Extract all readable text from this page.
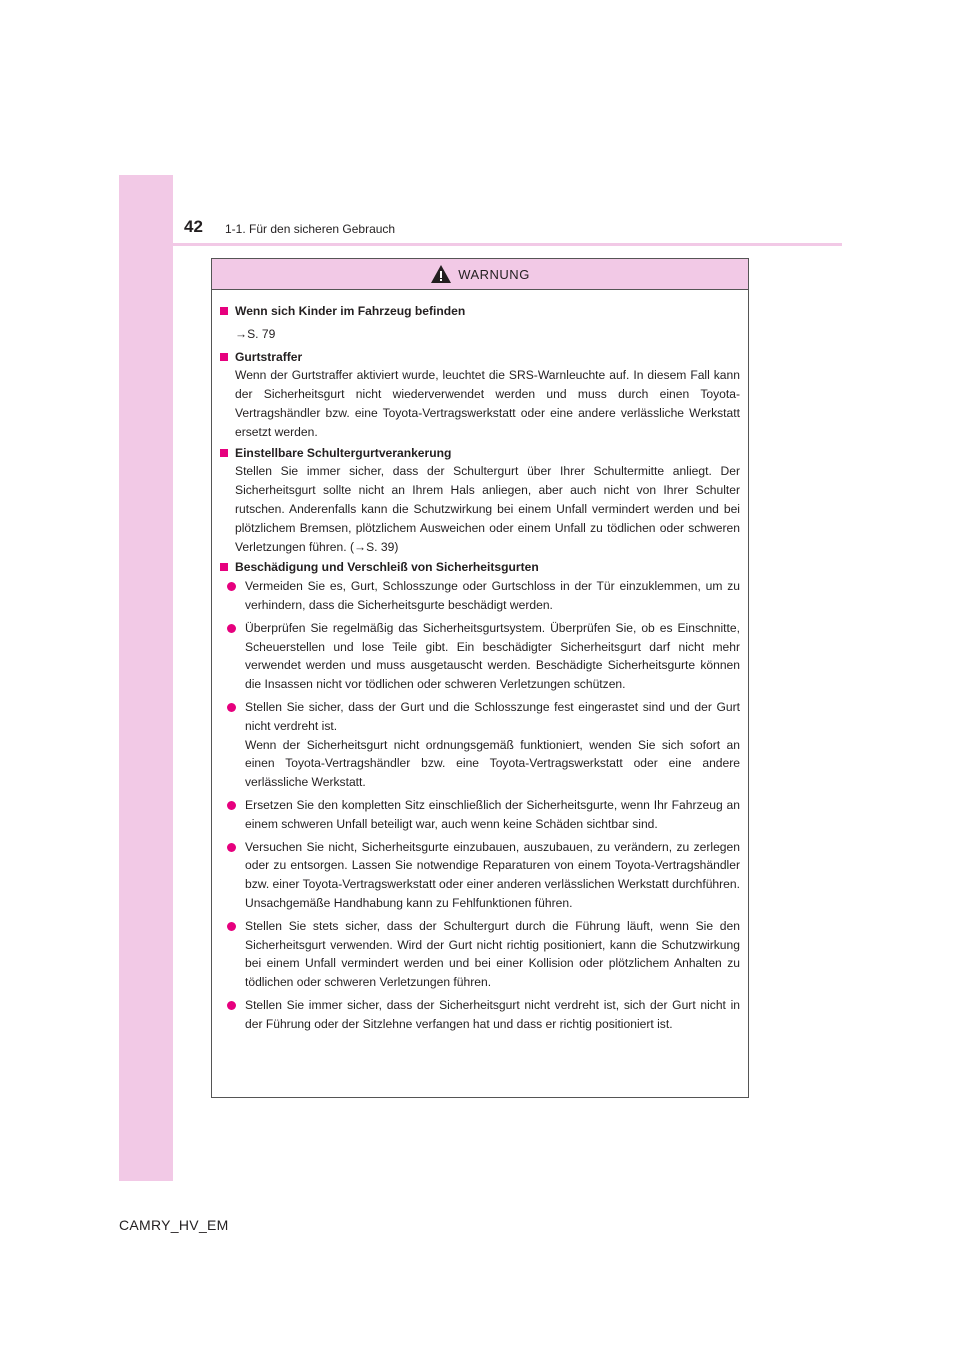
42 1-1. Für den sicheren Gebrauch
WARNUNG
Wenn sich Kinder im Fahrzeug befinden

→S. 79

Gurtstraffer

Wenn der Gurtstraffer aktiviert wurde, leuchtet die SRS-Warnleuchte auf. In diesem Fall kann der Sicherheitsgurt nicht wiederverwendet werden und muss durch einen Toyota-Vertragshändler bzw. eine Toyota-Vertragswerkstatt oder eine andere verlässliche Werkstatt ersetzt werden.

Einstellbare Schultergurtverankerung

Stellen Sie immer sicher, dass der Schultergurt über Ihrer Schultermitte anliegt. Der Sicherheitsgurt sollte nicht an Ihrem Hals anliegen, aber auch nicht von Ihrer Schulter rutschen. Anderenfalls kann die Schutzwirkung bei einem Unfall vermindert werden und bei plötzlichem Bremsen, plötzlichem Ausweichen oder einem Unfall zu tödlichen oder schweren Verletzungen führen. (→S. 39)

Beschädigung und Verschleiß von Sicherheitsgurten
Vermeiden Sie es, Gurt, Schlosszunge oder Gurtschloss in der Tür einzuklemmen, um zu verhindern, dass die Sicherheitsgurte beschädigt werden.
Überprüfen Sie regelmäßig das Sicherheitsgurtsystem. Überprüfen Sie, ob es Einschnitte, Scheuerstellen und lose Teile gibt. Ein beschädigter Sicherheitsgurt darf nicht mehr verwendet werden und muss ausgetauscht werden. Beschädigte Sicherheitsgurte können die Insassen nicht vor tödlichen oder schweren Verletzungen schützen.
Stellen Sie sicher, dass der Gurt und die Schlosszunge fest eingerastet sind und der Gurt nicht verdreht ist.
Wenn der Sicherheitsgurt nicht ordnungsgemäß funktioniert, wenden Sie sich sofort an einen Toyota-Vertragshändler bzw. eine Toyota-Vertragswerkstatt oder eine andere verlässliche Werkstatt.
Ersetzen Sie den kompletten Sitz einschließlich der Sicherheitsgurte, wenn Ihr Fahrzeug an einem schweren Unfall beteiligt war, auch wenn keine Schäden sichtbar sind.
Versuchen Sie nicht, Sicherheitsgurte einzubauen, auszubauen, zu verändern, zu zerlegen oder zu entsorgen. Lassen Sie notwendige Reparaturen von einem Toyota-Vertragshändler bzw. einer Toyota-Vertragswerkstatt oder einer anderen verlässlichen Werkstatt durchführen. Unsachgemäße Handhabung kann zu Fehlfunktionen führen.
Stellen Sie stets sicher, dass der Schultergurt durch die Führung läuft, wenn Sie den Sicherheitsgurt verwenden. Wird der Gurt nicht richtig positioniert, kann die Schutzwirkung bei einem Unfall vermindert werden und bei einer Kollision oder plötzlichem Anhalten zu tödlichen oder schweren Verletzungen führen.
Stellen Sie immer sicher, dass der Sicherheitsgurt nicht verdreht ist, sich der Gurt nicht in der Führung oder der Sitzlehne verfangen hat und dass er richtig positioniert ist.
CAMRY_HV_EM
